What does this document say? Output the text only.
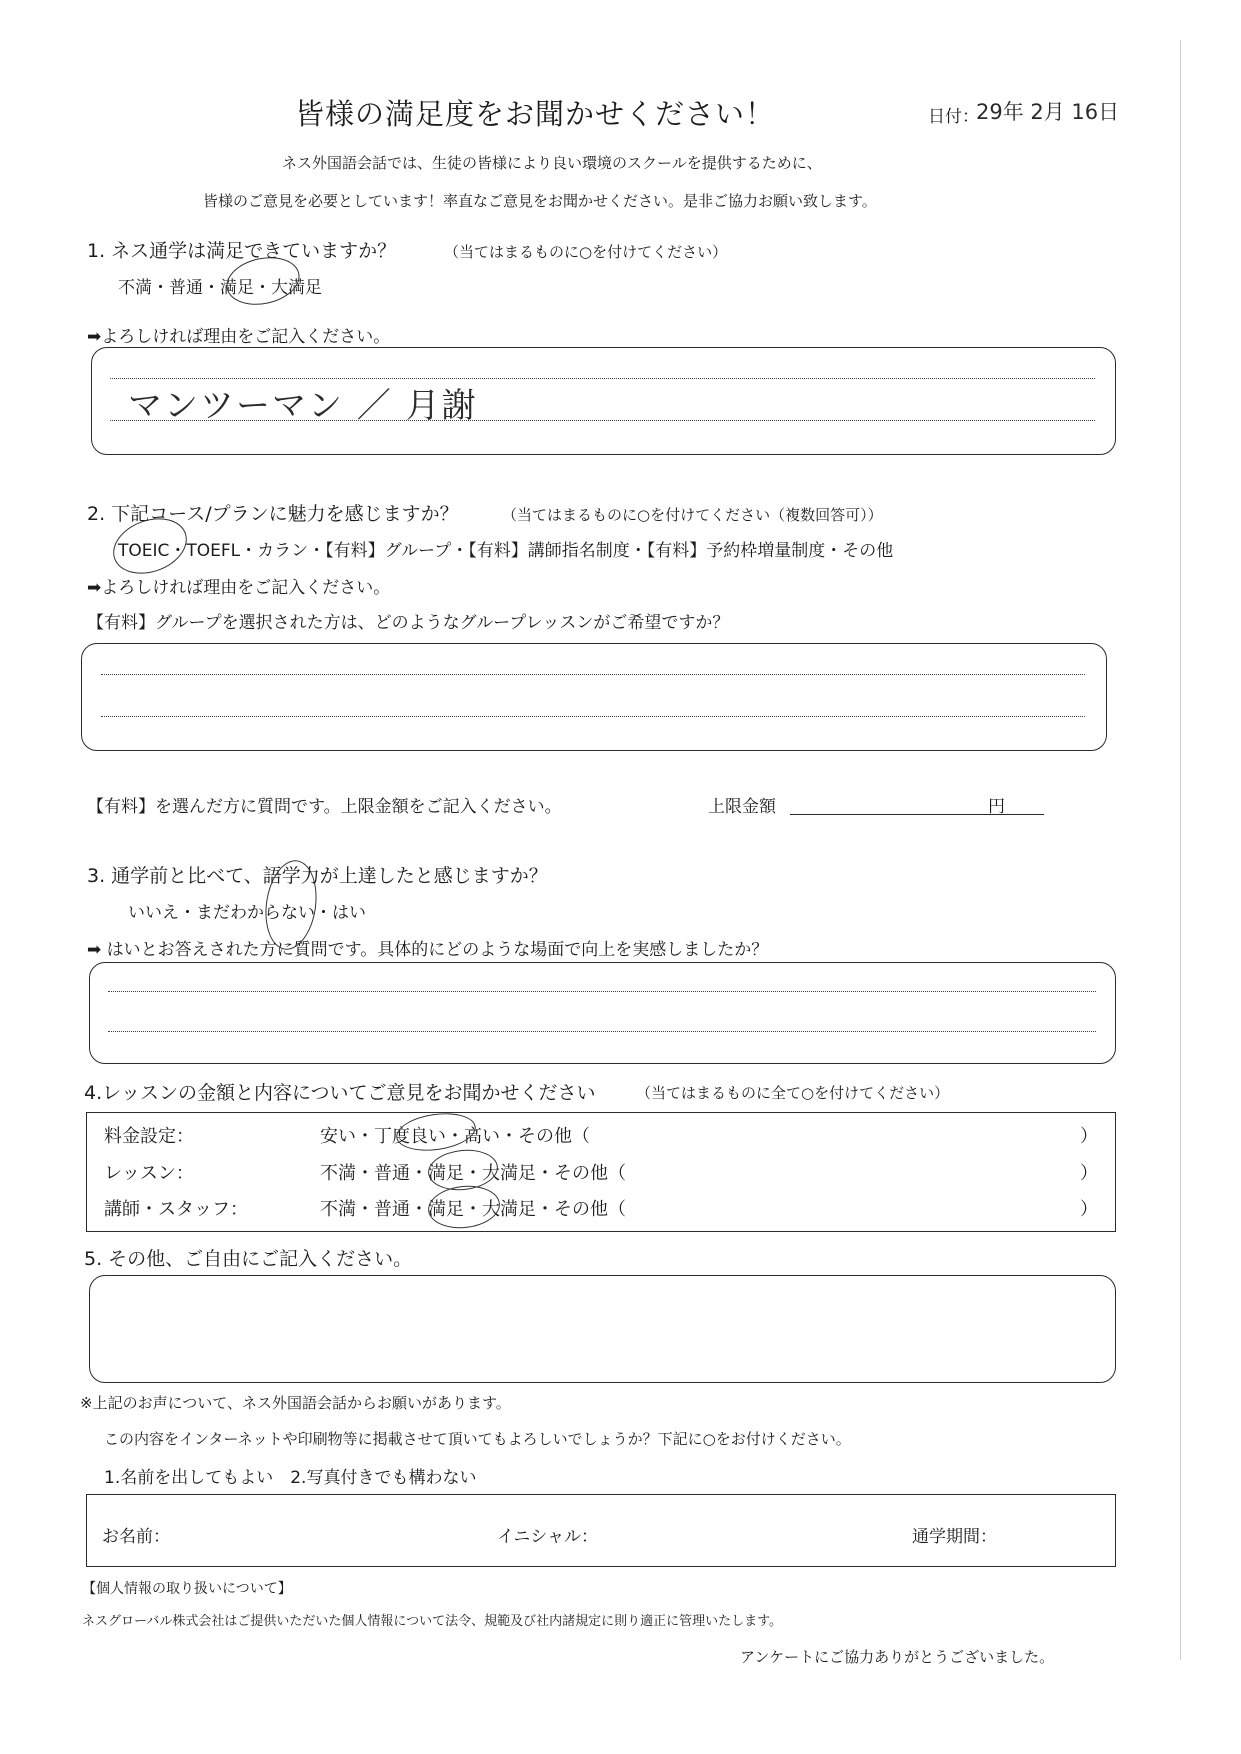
皆様の満足度をお聞かせください！	日付：
29年 2月 16日
ネス外国語会話では、生徒の皆様により良い環境のスクールを提供するために、
皆様のご意見を必要としています！率直なご意見をお聞かせください。是非ご協力お願い致します。
1. ネス通学は満足できていますか？	（当てはまるものに○を付けてください）
不満・普通・満足・大満足
➡よろしければ理由をご記入ください。
マンツーマン ／ 月謝
2. 下記コース/プランに魅力を感じますか？	（当てはまるものに○を付けてください（複数回答可））
TOEIC・TOEFL・カラン・【有料】グループ・【有料】講師指名制度・【有料】予約枠増量制度・その他
➡よろしければ理由をご記入ください。
【有料】グループを選択された方は、どのようなグループレッスンがご希望ですか？
【有料】を選んだ方に質問です。上限金額をご記入ください。	上限金額	円
3. 通学前と比べて、語学力が上達したと感じますか？
いいえ・まだわからない・はい
➡ はいとお答えされた方に質問です。具体的にどのような場面で向上を実感しましたか？
4.レッスンの金額と内容についてご意見をお聞かせください	（当てはまるものに全て○を付けてください）
料金設定：	安い・丁度良い・高い・その他（	）
レッスン：	不満・普通・満足・大満足・その他（	）
講師・スタッフ：	不満・普通・満足・大満足・その他（	）
5. その他、ご自由にご記入ください。
※上記のお声について、ネス外国語会話からお願いがあります。
この内容をインターネットや印刷物等に掲載させて頂いてもよろしいでしょうか？下記に○をお付けください。
1.名前を出してもよい　2.写真付きでも構わない
お名前：	イニシャル：	通学期間：
【個人情報の取り扱いについて】
ネスグローバル株式会社はご提供いただいた個人情報について法令、規範及び社内諸規定に則り適正に管理いたします。
アンケートにご協力ありがとうございました。
